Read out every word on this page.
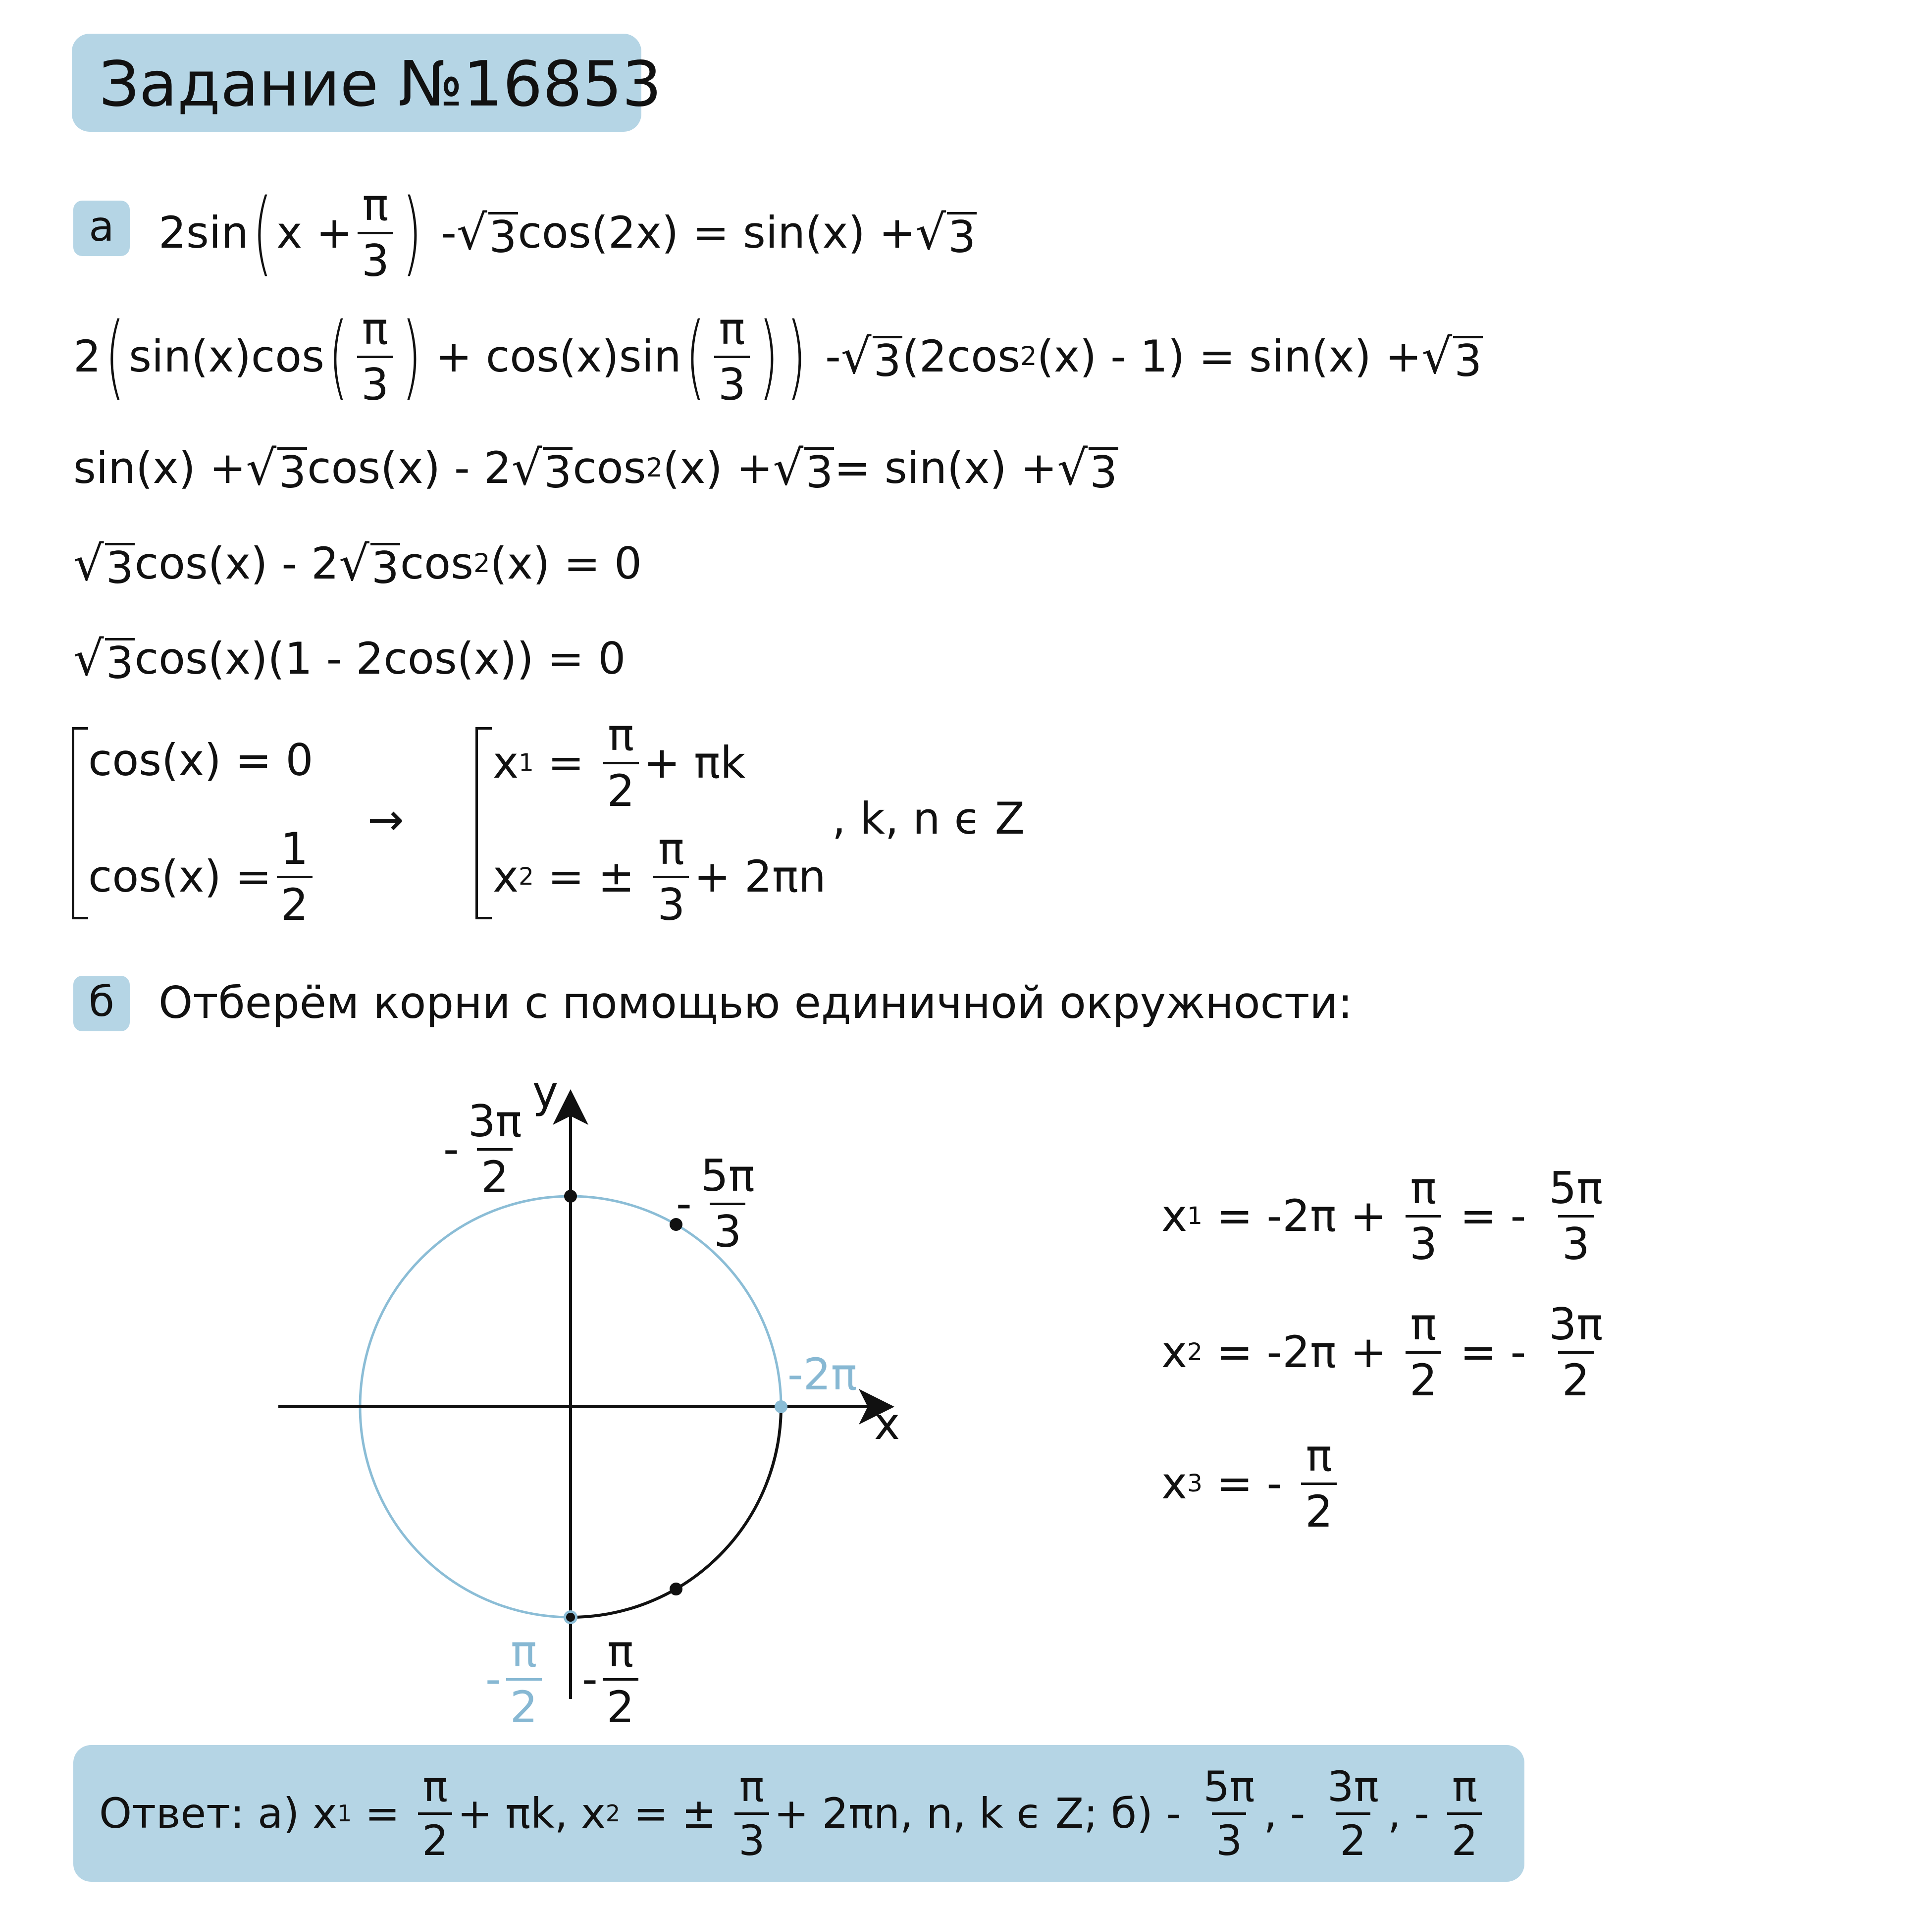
Задание №16853
а	2sin ( $x + \frac{\pi}{3}$ ) - √ 3 cos(2x) = sin(x) + √ 3
2 ( sin(x)cos ( $\frac{\pi}{3}$ ) + cos(x)sin ( $\frac{\pi}{3}$ ) ) - √ 3 (2cos 2 (x) - 1) = sin(x) + √ 3
sin(x) + √ 3 cos(x) - 2 √ 3 cos 2 (x) + √ 3 = sin(x) + √ 3
√ 3 cos(x) - 2 √ 3 cos 2 (x) = 0
√ 3 cos(x)(1 - 2cos(x)) = 0
cos(x) = 0
$\cos(x) = \frac{1}{2}$
→
x $1 = \frac{\pi}{2} + \pi k$
x 2 = ± $\frac{\pi}{3} + 2\pi n$
, k, n ϵ Z
б	Отберём корни с помощью единичной окружности:
x
y
- $\frac{3\pi}{2}$
- $\frac{5\pi}{3}$
-2π
- $\frac{\pi}{2} - \frac{\pi}{2}$
x $1 = -2\pi + \frac{\pi}{3}$ = - $\frac{5\pi}{3}$
x $2 = -2\pi + \frac{\pi}{2}$ = - $\frac{3\pi}{2}$
x 3 = - $\frac{\pi}{2}$
Ответ: а) x $1 = \frac{\pi}{2} + \pi k$, x 2 = ± $\frac{\pi}{3} + 2\pi n$, n, k ϵ Z; $б) - \frac{5\pi}{3}$ , - $\frac{3\pi}{2}$ , - $\frac{\pi}{2}$
